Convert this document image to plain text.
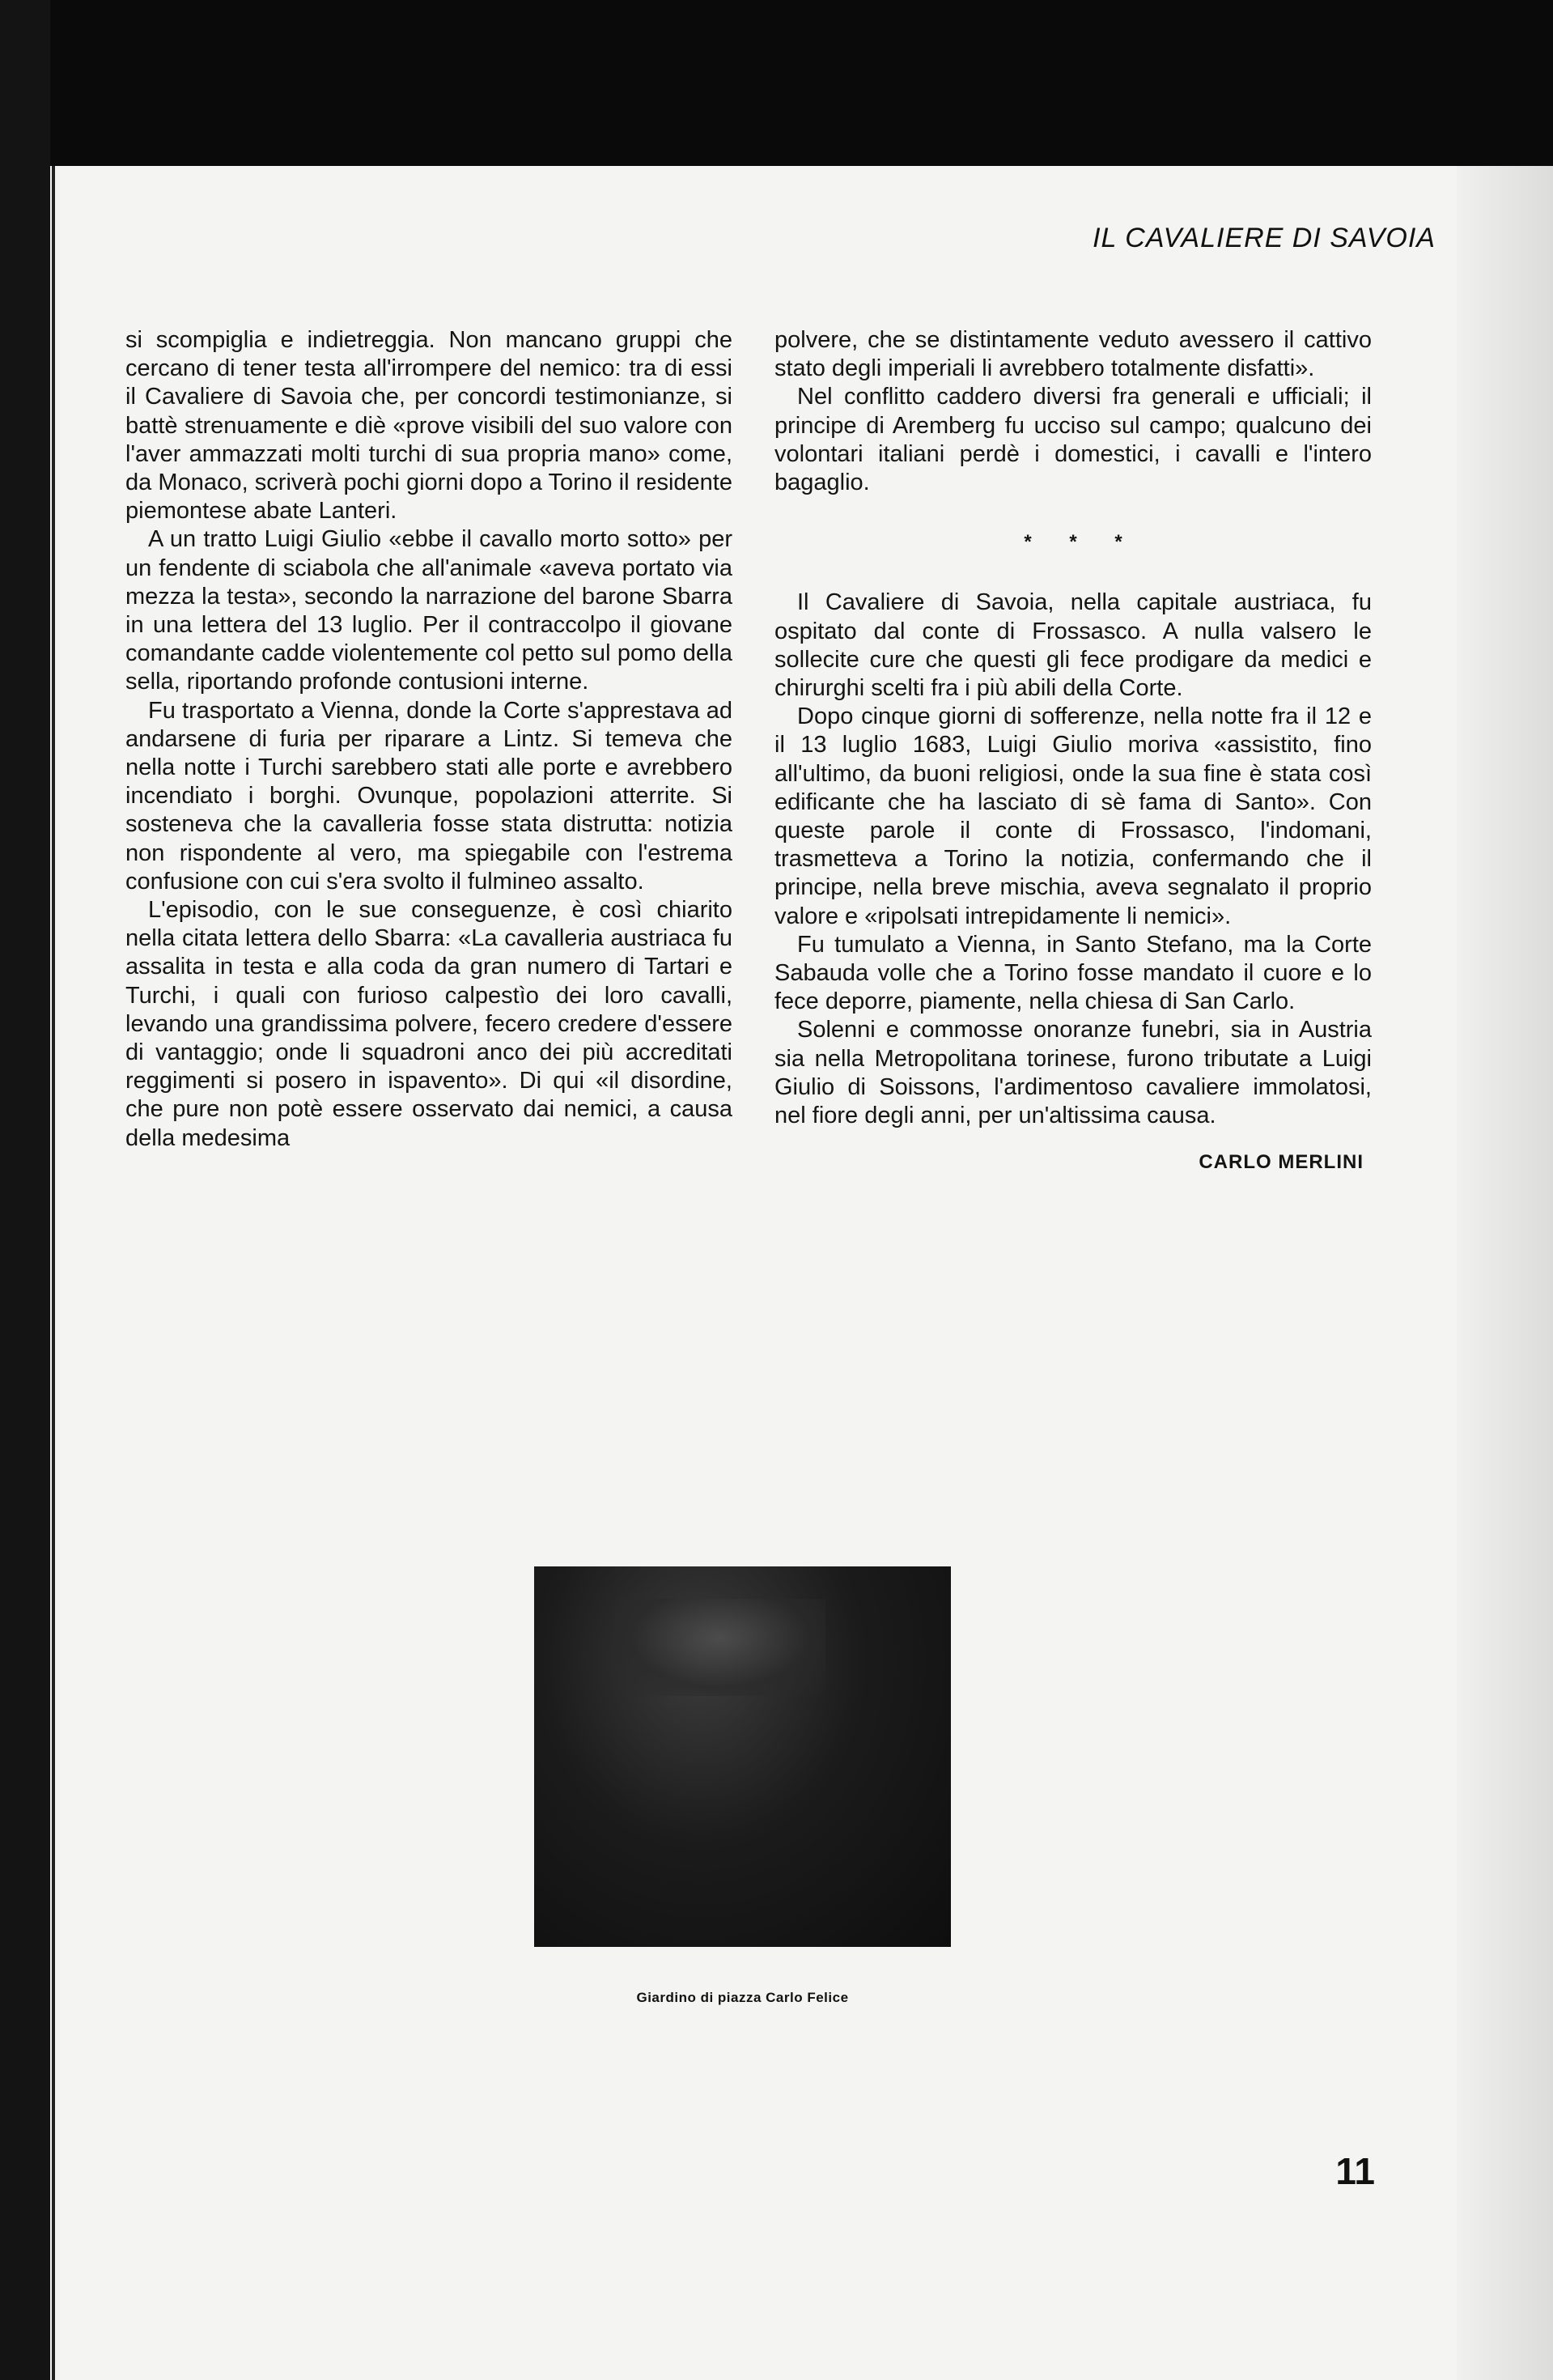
IL CAVALIERE DI SAVOIA

si scompiglia e indietreggia. Non mancano gruppi che cercano di tener testa all'irrompere del nemico: tra di essi il Cavaliere di Savoia che, per concordi testimonianze, si battè strenuamente e diè «prove visibili del suo valore con l'aver ammazzati molti turchi di sua propria mano» come, da Monaco, scriverà pochi giorni dopo a Torino il residente piemontese abate Lanteri.

A un tratto Luigi Giulio «ebbe il cavallo morto sotto» per un fendente di sciabola che all'animale «aveva portato via mezza la testa», secondo la narrazione del barone Sbarra in una lettera del 13 luglio. Per il contraccolpo il giovane comandante cadde violentemente col petto sul pomo della sella, riportando profonde contusioni interne.

Fu trasportato a Vienna, donde la Corte s'apprestava ad andarsene di furia per riparare a Lintz. Si temeva che nella notte i Turchi sarebbero stati alle porte e avrebbero incendiato i borghi. Ovunque, popolazioni atterrite. Si sosteneva che la cavalleria fosse stata distrutta: notizia non rispondente al vero, ma spiegabile con l'estrema confusione con cui s'era svolto il fulmineo assalto.

L'episodio, con le sue conseguenze, è così chiarito nella citata lettera dello Sbarra: «La cavalleria austriaca fu assalita in testa e alla coda da gran numero di Tartari e Turchi, i quali con furioso calpestìo dei loro cavalli, levando una grandissima polvere, fecero credere d'essere di vantaggio; onde li squadroni anco dei più accreditati reggimenti si posero in ispavento». Di qui «il disordine, che pure non potè essere osservato dai nemici, a causa della medesima

polvere, che se distintamente veduto avessero il cattivo stato degli imperiali li avrebbero totalmente disfatti».

Nel conflitto caddero diversi fra generali e ufficiali; il principe di Aremberg fu ucciso sul campo; qualcuno dei volontari italiani perdè i domestici, i cavalli e l'intero bagaglio.

* * *

Il Cavaliere di Savoia, nella capitale austriaca, fu ospitato dal conte di Frossasco. A nulla valsero le sollecite cure che questi gli fece prodigare da medici e chirurghi scelti fra i più abili della Corte.

Dopo cinque giorni di sofferenze, nella notte fra il 12 e il 13 luglio 1683, Luigi Giulio moriva «assistito, fino all'ultimo, da buoni religiosi, onde la sua fine è stata così edificante che ha lasciato di sè fama di Santo». Con queste parole il conte di Frossasco, l'indomani, trasmetteva a Torino la notizia, confermando che il principe, nella breve mischia, aveva segnalato il proprio valore e «ripolsati intrepidamente li nemici».

Fu tumulato a Vienna, in Santo Stefano, ma la Corte Sabauda volle che a Torino fosse mandato il cuore e lo fece deporre, piamente, nella chiesa di San Carlo.

Solenni e commosse onoranze funebri, sia in Austria sia nella Metropolitana torinese, furono tributate a Luigi Giulio di Soissons, l'ardimentoso cavaliere immolatosi, nel fiore degli anni, per un'altissima causa.

CARLO MERLINI
Giardino di piazza Carlo Felice
11
